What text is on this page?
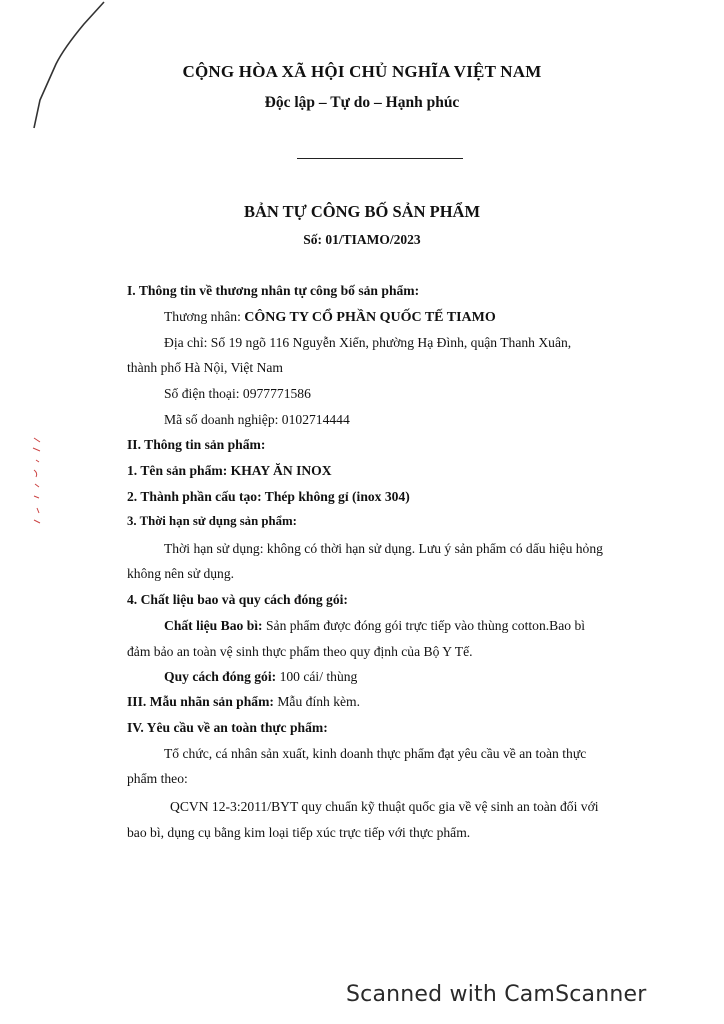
CỘNG HÒA XÃ HỘI CHỦ NGHĨA VIỆT NAM
Độc lập – Tự do – Hạnh phúc
BẢN TỰ CÔNG BỐ SẢN PHẨM
Số: 01/TIAMO/2023
I. Thông tin về thương nhân tự công bố sản phẩm:
Thương nhân: CÔNG TY CỔ PHẦN QUỐC TẾ TIAMO
Địa chỉ: Số 19 ngõ 116 Nguyễn Xiển, phường Hạ Đình, quận Thanh Xuân,
thành phố Hà Nội, Việt Nam
Số điện thoại: 0977771586
Mã số doanh nghiệp: 0102714444
II. Thông tin sản phẩm:
1. Tên sản phẩm: KHAY ĂN INOX
2. Thành phần cấu tạo: Thép không gỉ (inox 304)
3. Thời hạn sử dụng sản phẩm:
Thời hạn sử dụng: không có thời hạn sử dụng. Lưu ý sản phẩm có dấu hiệu hỏng
không nên sử dụng.
4. Chất liệu bao và quy cách đóng gói:
Chất liệu Bao bì: Sản phẩm được đóng gói trực tiếp vào thùng cotton.Bao bì
đảm bảo an toàn vệ sinh thực phẩm theo quy định của Bộ Y Tế.
Quy cách đóng gói: 100 cái/ thùng
III. Mẫu nhãn sản phẩm: Mẫu đính kèm.
IV. Yêu cầu về an toàn thực phẩm:
Tổ chức, cá nhân sản xuất, kinh doanh thực phẩm đạt yêu cầu về an toàn thực
phẩm theo:
QCVN 12-3:2011/BYT quy chuẩn kỹ thuật quốc gia về vệ sinh an toàn đối với
bao bì, dụng cụ bằng kim loại tiếp xúc trực tiếp với thực phẩm.
Scanned with CamScanner
